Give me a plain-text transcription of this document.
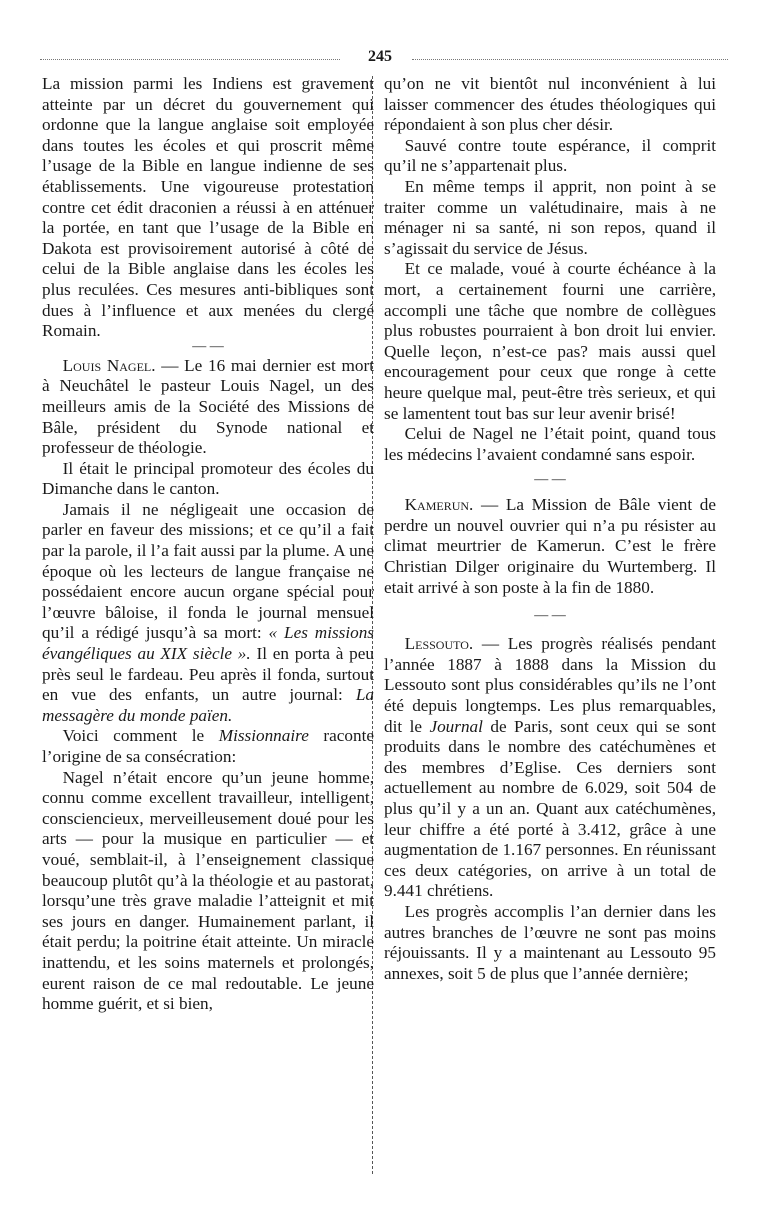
245

La mission parmi les Indiens est gravement atteinte par un décret du gouvernement qui ordonne que la langue anglaise soit employée dans toutes les écoles et qui proscrit même l’usage de la Bible en langue indienne de ses établissements. Une vigoureuse protestation contre cet édit draconien a réussi à en atténuer la portée, en tant que l’usage de la Bible en Dakota est provisoirement autorisé à côté de celui de la Bible anglaise dans les écoles les plus reculées. Ces mesures anti-bibliques sont dues à l’influence et aux menées du clergé Romain.

— —

Louis Nagel. — Le 16 mai dernier est mort à Neuchâtel le pasteur Louis Nagel, un des meilleurs amis de la Société des Missions de Bâle, président du Synode national et professeur de théologie.

Il était le principal promoteur des écoles du Dimanche dans le canton.

Jamais il ne négligeait une occasion de parler en faveur des missions; et ce qu’il a fait par la parole, il l’a fait aussi par la plume. A une époque où les lecteurs de langue française ne possédaient encore aucun organe spécial pour l’œuvre bâloise, il fonda le journal mensuel qu’il a rédigé jusqu’à sa mort: « Les missions évangéliques au XIX siècle ». Il en porta à peu près seul le fardeau. Peu après il fonda, surtout en vue des enfants, un autre journal: La messagère du monde païen.

Voici comment le Missionnaire raconte l’origine de sa consécration:

Nagel n’était encore qu’un jeune homme, connu comme excellent travailleur, intelligent, consciencieux, merveilleusement doué pour les arts — pour la musique en particulier — et voué, semblait-il, à l’enseignement classique beaucoup plutôt qu’à la théologie et au pastorat, lorsqu’une très grave maladie l’atteignit et mit ses jours en danger. Humainement parlant, il était perdu; la poitrine était atteinte. Un miracle inattendu, et les soins maternels et prolongés, eurent raison de ce mal redoutable. Le jeune homme guérit, et si bien,

qu’on ne vit bientôt nul inconvénient à lui laisser commencer des études théologiques qui répondaient à son plus cher désir.

Sauvé contre toute espérance, il comprit qu’il ne s’appartenait plus.

En même temps il apprit, non point à se traiter comme un valétudinaire, mais à ne ménager ni sa santé, ni son repos, quand il s’agissait du service de Jésus.

Et ce malade, voué à courte échéance à la mort, a certainement fourni une carrière, accompli une tâche que nombre de collègues plus robustes pourraient à bon droit lui envier. Quelle leçon, n’est-ce pas? mais aussi quel encouragement pour ceux que ronge à cette heure quelque mal, peut-être très serieux, et qui se lamentent tout bas sur leur avenir brisé!

Celui de Nagel ne l’était point, quand tous les médecins l’avaient condamné sans espoir.

— —

Kamerun. — La Mission de Bâle vient de perdre un nouvel ouvrier qui n’a pu résister au climat meurtrier de Kamerun. C’est le frère Christian Dilger originaire du Wurtemberg. Il etait arrivé à son poste à la fin de 1880.

— —

Lessouto. — Les progrès réalisés pendant l’année 1887 à 1888 dans la Mission du Lessouto sont plus considérables qu’ils ne l’ont été depuis longtemps. Les plus remarquables, dit le Journal de Paris, sont ceux qui se sont produits dans le nombre des catéchumènes et des membres d’Eglise. Ces derniers sont actuellement au nombre de 6.029, soit 504 de plus qu’il y a un an. Quant aux catéchumènes, leur chiffre a été porté à 3.412, grâce à une augmentation de 1.167 personnes. En réunissant ces deux catégories, on arrive à un total de 9.441 chrétiens.

Les progrès accomplis l’an dernier dans les autres branches de l’œuvre ne sont pas moins réjouissants. Il y a maintenant au Lessouto 95 annexes, soit 5 de plus que l’année dernière;
